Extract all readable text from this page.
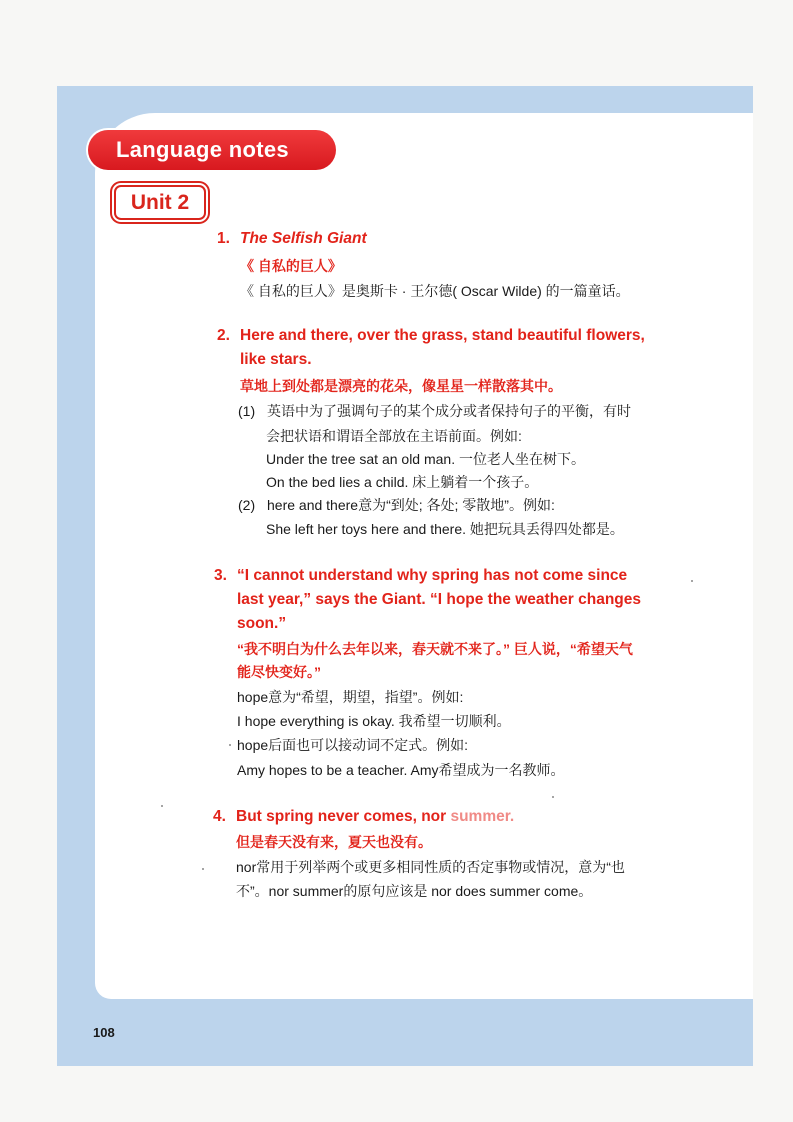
Language notes
Unit 2
1. The Selfish Giant
《 自私的巨人》
《 自私的巨人》是奥斯卡 · 王尔德( Oscar Wilde) 的一篇童话。
2. Here and there, over the grass, stand beautiful flowers,
like stars.
草地上到处都是漂亮的花朵，像星星一样散落其中。
(1) 英语中为了强调句子的某个成分或者保持句子的平衡，有时
会把状语和谓语全部放在主语前面。例如:
Under the tree sat an old man. 一位老人坐在树下。
On the bed lies a child. 床上躺着一个孩子。
(2) here and there意为“到处; 各处; 零散地”。例如:
She left her toys here and there. 她把玩具丢得四处都是。
3. “I cannot understand why spring has not come since
last year,” says the Giant. “I hope the weather changes
soon.”
“我不明白为什么去年以来，春天就不来了。” 巨人说，“希望天气
能尽快变好。”
hope意为“希望，期望，指望”。例如:
I hope everything is okay. 我希望一切顺利。
hope后面也可以接动词不定式。例如:
Amy hopes to be a teacher. Amy希望成为一名教师。
4. But spring never comes, nor summer.
但是春天没有来，夏天也没有。
nor常用于列举两个或更多相同性质的否定事物或情况，意为“也
不”。nor summer的原句应该是 nor does summer come。
108
